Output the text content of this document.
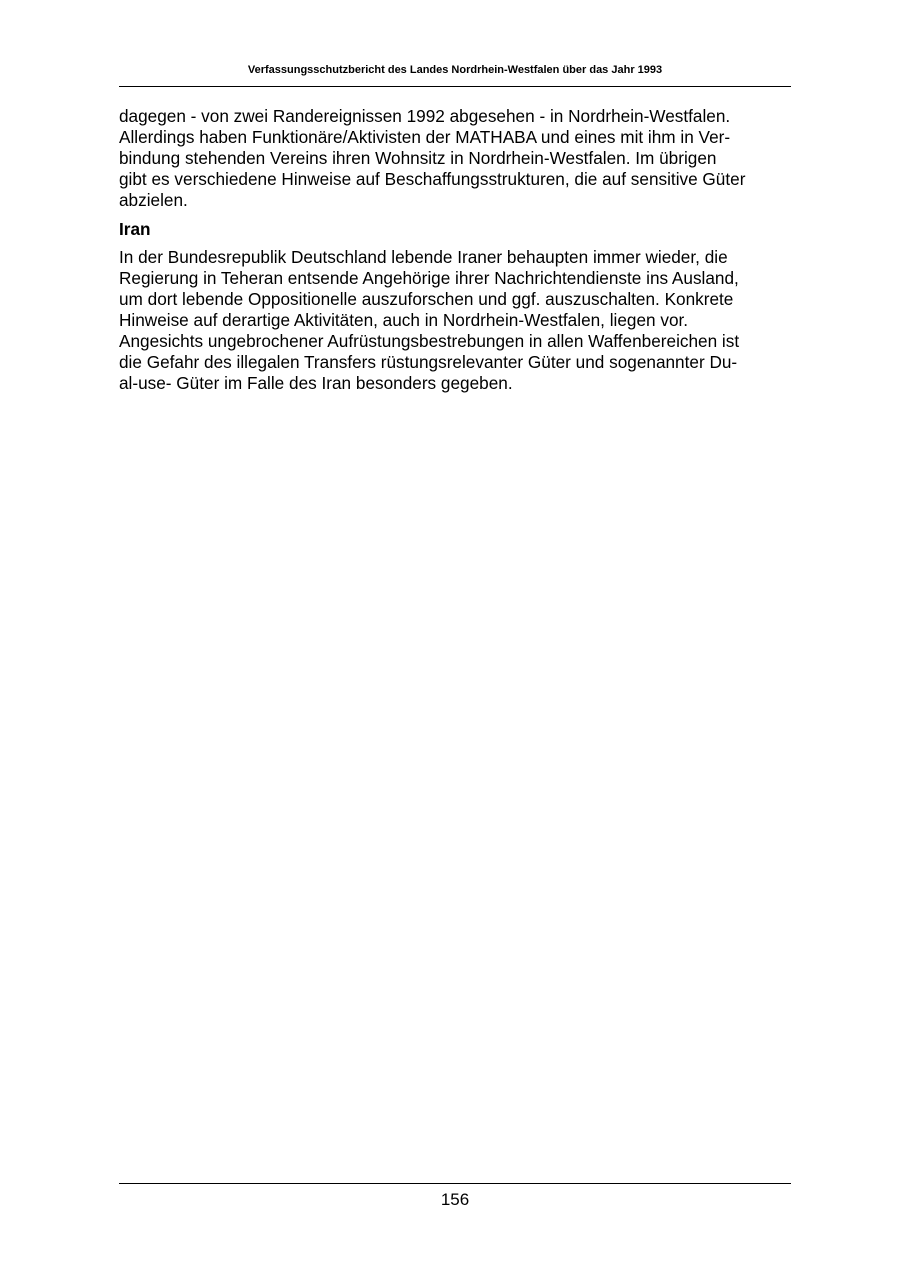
Verfassungsschutzbericht des Landes Nordrhein-Westfalen über das Jahr 1993

dagegen - von zwei Randereignissen 1992 abgesehen - in Nordrhein-Westfalen.
Allerdings haben Funktionäre/Aktivisten der MATHABA und eines mit ihm in Ver-
bindung stehenden Vereins ihren Wohnsitz in Nordrhein-Westfalen. Im übrigen
gibt es verschiedene Hinweise auf Beschaffungsstrukturen, die auf sensitive Güter
abzielen.

Iran

In der Bundesrepublik Deutschland lebende Iraner behaupten immer wieder, die
Regierung in Teheran entsende Angehörige ihrer Nachrichtendienste ins Ausland,
um dort lebende Oppositionelle auszuforschen und ggf. auszuschalten. Konkrete
Hinweise auf derartige Aktivitäten, auch in Nordrhein-Westfalen, liegen vor.
Angesichts ungebrochener Aufrüstungsbestrebungen in allen Waffenbereichen ist
die Gefahr des illegalen Transfers rüstungsrelevanter Güter und sogenannter Du-
al-use- Güter im Falle des Iran besonders gegeben.

156
